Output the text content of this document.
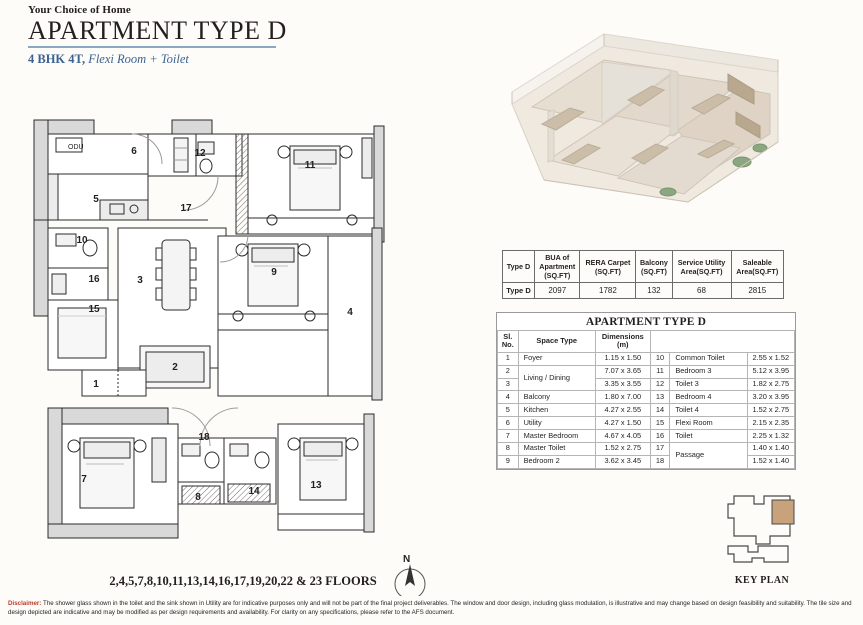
Your Choice of Home
APARTMENT TYPE D
4 BHK 4T, Flexi Room + Toilet
1
2
3
4
5
6
7
8
9
10
11
12
13
14
15
16
17
18
ODU
2,4,5,7,8,10,11,13,14,16,17,19,20,22 & 23 FLOORS
N
Type D	BUA of
Apartment
(SQ.FT)	RERA Carpet
(SQ.FT)	Balcony
(SQ.FT)	Service Utility
Area(SQ.FT)	Saleable
Area(SQ.FT)
Type D	2097	1782	132	68	2815
APARTMENT TYPE D
Sl.
No.	Space Type	Dimensions (m)			
1	Foyer	1.15 x 1.50	10	Common Toilet	2.55 x 1.52
2	Living / Dining	7.07 x 3.65	11	Bedroom 3	5.12 x 3.95
3		3.35 x 3.55	12	Toilet 3	1.82 x 2.75
4	Balcony	1.80 x 7.00	13	Bedroom 4	3.20 x 3.95
5	Kitchen	4.27 x 2.55	14	Toilet 4	1.52 x 2.75
6	Utility	4.27 x 1.50	15	Flexi Room	2.15 x 2.35
7	Master Bedroom	4.67 x 4.05	16	Toilet	2.25 x 1.32
8	Master Toilet	1.52 x 2.75	17	Passage	1.40 x 1.40
9	Bedroom 2	3.62 x 3.45	18		1.52 x 1.40
KEY PLAN
Disclaimer: The shower glass shown in the toilet and the sink shown in Utility are for indicative purposes only and will not be part of the final project deliverables. The window and door design, including glass modulation, is illustrative and may change based on design feasibility and suitability. The tile size and design depicted are indicative and may be modified as per design requirements and availability. For clarity on any specifications, please refer to the AFS document.
